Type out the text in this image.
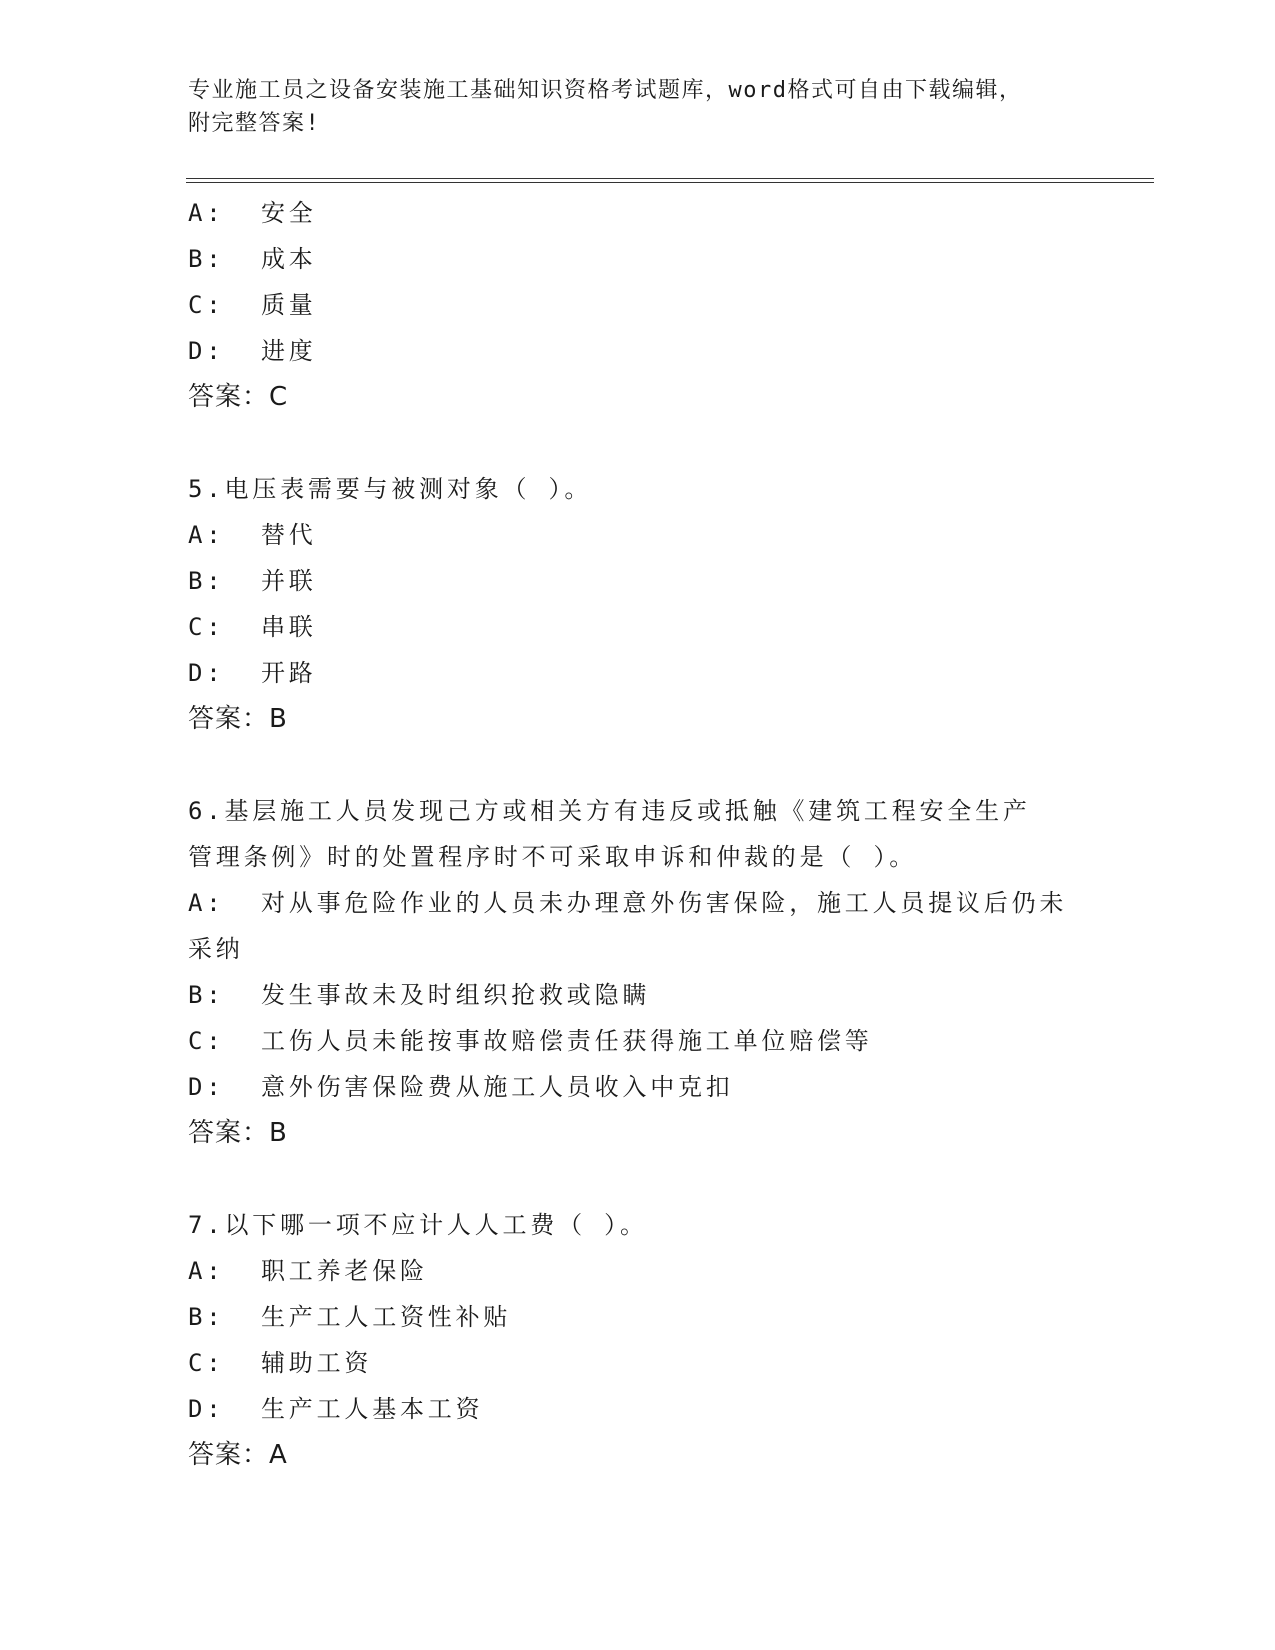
专业施工员之设备安装施工基础知识资格考试题库，word格式可自由下载编辑，
附完整答案!
A: 安全
B: 成本
C: 质量
D: 进度
答案：C
5.电压表需要与被测对象（ ）。
A: 替代
B: 并联
C: 串联
D: 开路
答案：B
6.基层施工人员发现己方或相关方有违反或抵触《建筑工程安全生产
管理条例》时的处置程序时不可采取申诉和仲裁的是（ ）。
A: 对从事危险作业的人员未办理意外伤害保险，施工人员提议后仍未
采纳
B: 发生事故未及时组织抢救或隐瞒
C: 工伤人员未能按事故赔偿责任获得施工单位赔偿等
D: 意外伤害保险费从施工人员收入中克扣
答案：B
7.以下哪一项不应计人人工费（ ）。
A: 职工养老保险
B: 生产工人工资性补贴
C: 辅助工资
D: 生产工人基本工资
答案：A
